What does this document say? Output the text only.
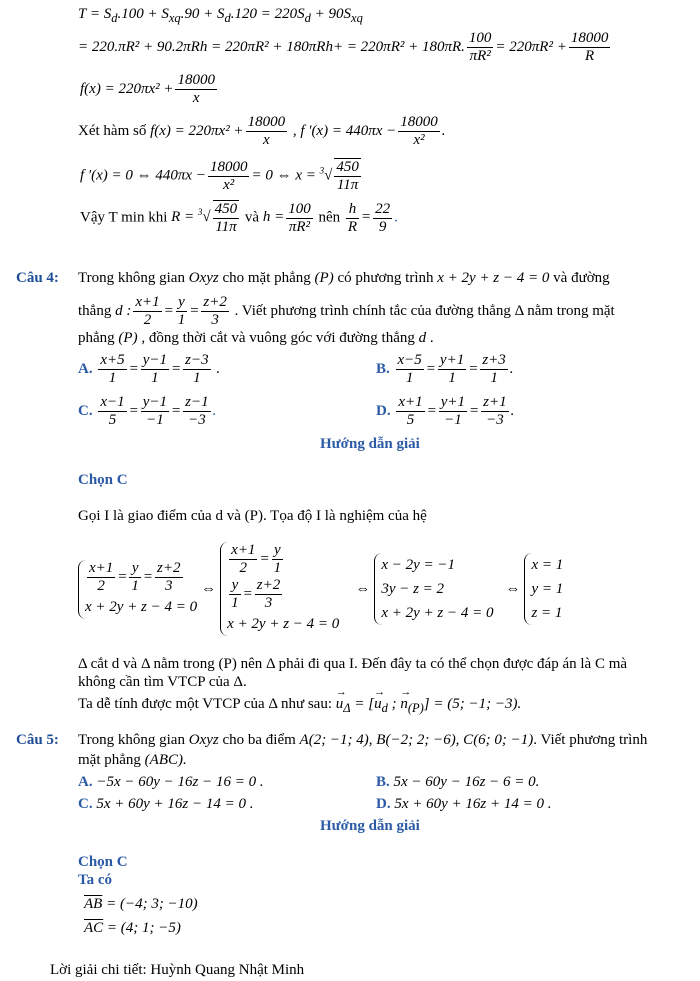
$T = S_d.100 + S_{xq}.90 + S_d.120 = 220S_d + 90S_{xq}$
= 220.πR² + 90.2πRh = 220πR² + 180πRh+ = 220πR² + 180πR. $\frac{100}{\text{πR²}} = 220\pi R^2 + \frac{18000}{R}$
$f(x) = 220\pi x^2 + \frac{18000}{x}$
Xét hàm số $f(x) = 220\pi x^2 + \frac{18000}{x}$ , f '$(x) = 440\pi x - \frac{18000}{\text{x²}}$ .
f '(x) = 0 ⇔ $440\pi x - \frac{18000}{\text{x²}} = 0$ ⇔ $x = ^3√ \frac{450}{11\pi}$
Vậy T min khi $R = ^3√ \frac{450}{11\pi}$ và $h = \frac{100}{\text{πR²}}$ nên $\frac{h}{R} = \frac{22}{9}$ .
Câu 4: Trong không gian Oxyz cho mặt phẳng (P) có phương trình x + 2y + z − 4 = 0 và đường
thẳng d : $\frac{x+1}{2} = \frac{y}{1} = \frac{z+2}{3}$ . Viết phương trình chính tắc của đường thẳng Δ nằm trong mặt
phẳng (P) , đồng thời cắt và vuông góc với đường thẳng d .
A. $\frac{x+5}{1} = \frac{y-1}{1} = \frac{z-3}{1}$ .	B. $\frac{x-5}{1} = \frac{y+1}{1} = \frac{z+3}{1}$ .
C. $\frac{x-1}{5} = \frac{y-1}{-1} = \frac{z-1}{-3}$ .	D. $\frac{x+1}{5} = \frac{y+1}{-1} = \frac{z+1}{-3}$ .
Hướng dẫn giải
Chọn C
Gọi I là giao điểm của d và (P). Tọa độ I là nghiệm của hệ
$\frac{x+1}{2} = \frac{y}{1} = \frac{z+2}{3}$
x + 2y + z − 4 = 0
⇔
$\frac{x+1}{2} = \frac{y}{1}$
$\frac{y}{1} = \frac{z+2}{3}$
x + 2y + z − 4 = 0
⇔
x − 2y = −1
3y − z = 2
x + 2y + z − 4 = 0
⇔
x = 1
y = 1
z = 1
Δ cắt d và Δ nằm trong (P) nên Δ phải đi qua I. Đến đây ta có thể chọn được đáp án là C mà
không cần tìm VTCP của Δ.
Ta dễ tính được một VTCP của Δ như sau: → $u_\Delta$ = [→ $u_d$ ; → $n_{(P)}] = (5$; −1; −3).
Câu 5: Trong không gian Oxyz cho ba điểm A(2; −1; 4), B(−2; 2; −6), C(6; 0; −1). Viết phương trình
mặt phẳng (ABC).
A. −5x − 60y − 16z − 16 = 0 .	B. 5x − 60y − 16z − 6 = 0.
C. 5x + 60y + 16z − 14 = 0 .	D. 5x + 60y + 16z + 14 = 0 .
Hướng dẫn giải
Chọn C
Ta có
$\overline{AB} = (-4$; 3; −10)
$\overline{AC} = (4$; 1; −5)
Lời giải chi tiết: Huỳnh Quang Nhật Minh
